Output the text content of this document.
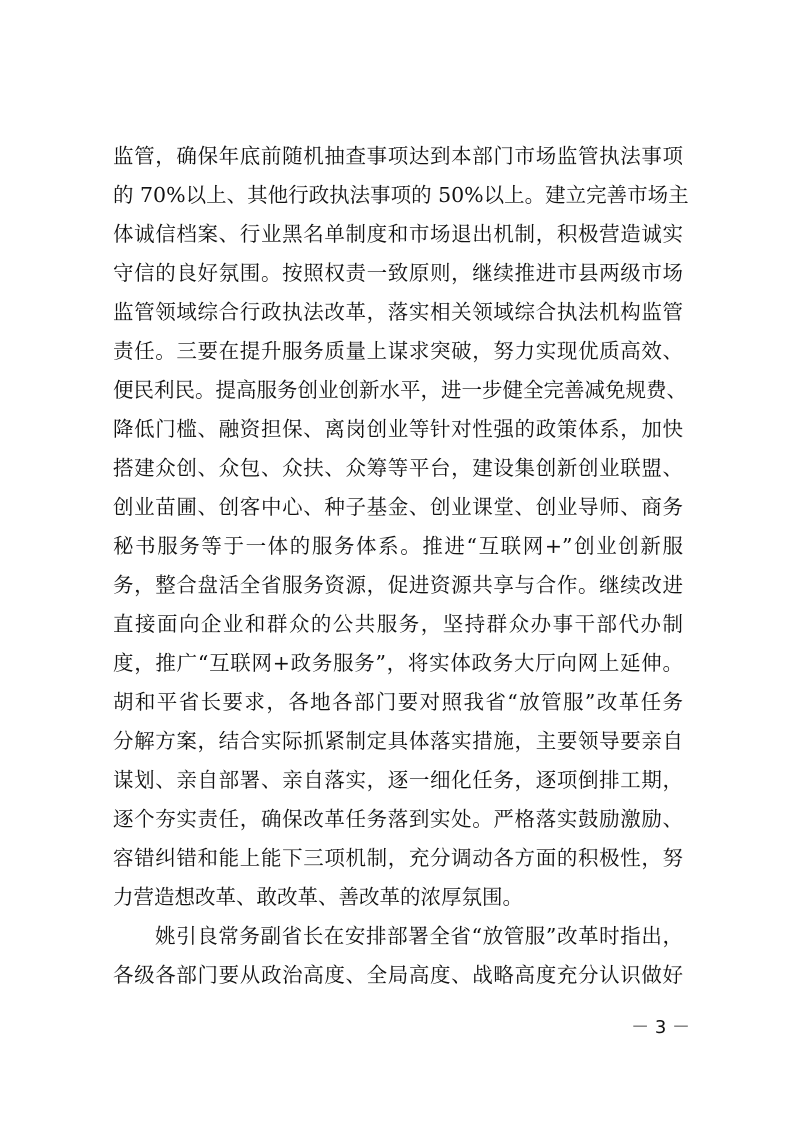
监管，确保年底前随机抽查事项达到本部门市场监管执法事项
的 70%以上、其他行政执法事项的 50%以上。建立完善市场主
体诚信档案、行业黑名单制度和市场退出机制，积极营造诚实
守信的良好氛围。按照权责一致原则，继续推进市县两级市场
监管领域综合行政执法改革，落实相关领域综合执法机构监管
责任。三要在提升服务质量上谋求突破，努力实现优质高效、
便民利民。提高服务创业创新水平，进一步健全完善减免规费、
降低门槛、融资担保、离岗创业等针对性强的政策体系，加快
搭建众创、众包、众扶、众筹等平台，建设集创新创业联盟、
创业苗圃、创客中心、种子基金、创业课堂、创业导师、商务
秘书服务等于一体的服务体系。推进“互联网+”创业创新服
务，整合盘活全省服务资源，促进资源共享与合作。继续改进
直接面向企业和群众的公共服务，坚持群众办事干部代办制
度，推广“互联网+政务服务”，将实体政务大厅向网上延伸。
胡和平省长要求，各地各部门要对照我省“放管服”改革任务
分解方案，结合实际抓紧制定具体落实措施，主要领导要亲自
谋划、亲自部署、亲自落实，逐一细化任务，逐项倒排工期，
逐个夯实责任，确保改革任务落到实处。严格落实鼓励激励、
容错纠错和能上能下三项机制，充分调动各方面的积极性，努
力营造想改革、敢改革、善改革的浓厚氛围。
姚引良常务副省长在安排部署全省“放管服”改革时指出，
各级各部门要从政治高度、全局高度、战略高度充分认识做好
－ 3 －
